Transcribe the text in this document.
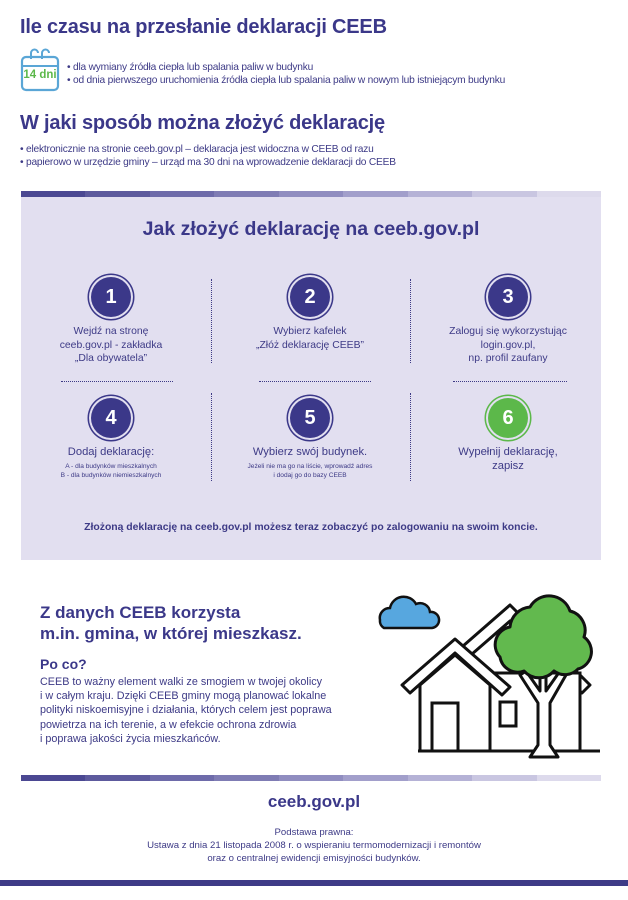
Ile czasu na przesłanie deklaracji CEEB
14 dni
• dla wymiany źródła ciepła lub spalania paliw w budynku
• od dnia pierwszego uruchomienia źródła ciepła lub spalania paliw w nowym lub istniejącym budynku
W jaki sposób można złożyć deklarację
• elektronicznie na stronie ceeb.gov.pl – deklaracja jest widoczna w CEEB od razu
• papierowo w urzędzie gminy – urząd ma 30 dni na wprowadzenie deklaracji do CEEB
Jak złożyć deklarację na ceeb.gov.pl
1
Wejdź na stronę
ceeb.gov.pl - zakładka
„Dla obywatela”
2
Wybierz kafelek
„Złóż deklarację CEEB”
3
Zaloguj się wykorzystując
login.gov.pl,
np. profil zaufany
4
Dodaj deklarację:
A - dla budynków mieszkalnych
B - dla budynków niemieszkalnych
5
Wybierz swój budynek.
Jeżeli nie ma go na liście, wprowadź adres
i dodaj go do bazy CEEB
6
Wypełnij deklarację,
zapisz
Złożoną deklarację na ceeb.gov.pl możesz teraz zobaczyć po zalogowaniu na swoim koncie.
Z danych CEEB korzysta
m.in. gmina, w której mieszkasz.
Po co?
CEEB to ważny element walki ze smogiem w twojej okolicy
i w całym kraju. Dzięki CEEB gminy mogą planować lokalne
polityki niskoemisyjne i działania, których celem jest poprawa
powietrza na ich terenie, a w efekcie ochrona zdrowia
i poprawa jakości życia mieszkańców.
ceeb.gov.pl
Podstawa prawna:
Ustawa z dnia 21 listopada 2008 r. o wspieraniu termomodernizacji i remontów
oraz o centralnej ewidencji emisyjności budynków.
